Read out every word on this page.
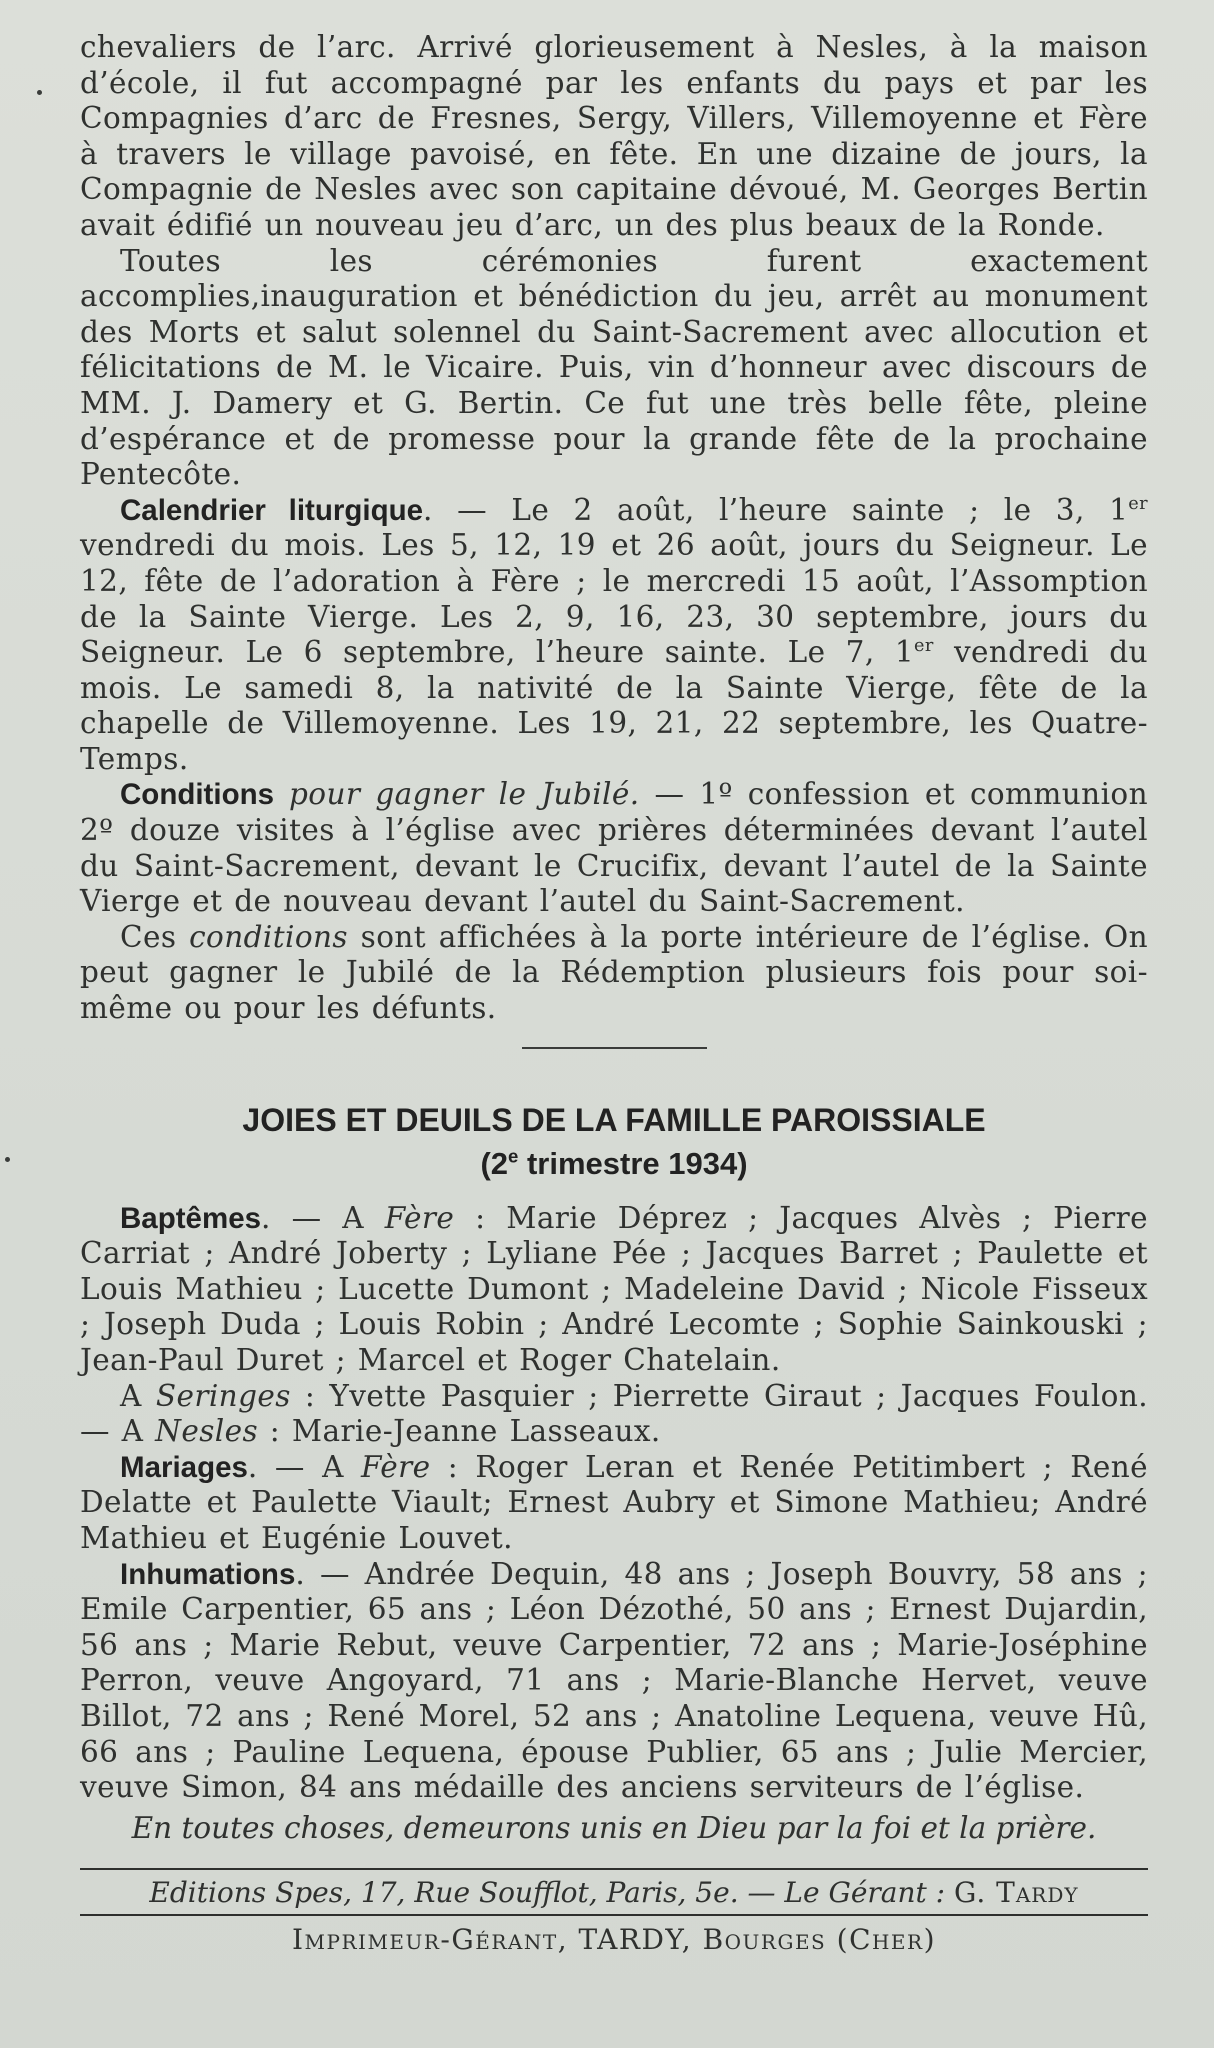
chevaliers de l’arc. Arrivé glorieusement à Nesles, à la maison d’école, il fut accompagné par les enfants du pays et par les Compagnies d’arc de Fresnes, Sergy, Villers, Villemoyenne et Fère à travers le village pavoisé, en fête. En une dizaine de jours, la Compagnie de Nesles avec son capitaine dévoué, M. Georges Bertin avait édifié un nouveau jeu d’arc, un des plus beaux de la Ronde.

Toutes les cérémonies furent exactement accomplies,inauguration et bénédiction du jeu, arrêt au monument des Morts et salut solennel du Saint-Sacrement avec allocution et félicitations de M. le Vicaire. Puis, vin d’honneur avec discours de MM. J. Damery et G. Bertin. Ce fut une très belle fête, pleine d’espérance et de promesse pour la grande fête de la prochaine Pentecôte.

Calendrier liturgique. — Le 2 août, l’heure sainte ; le 3, 1er vendredi du mois. Les 5, 12, 19 et 26 août, jours du Seigneur. Le 12, fête de l’adoration à Fère ; le mercredi 15 août, l’Assomption de la Sainte Vierge. Les 2, 9, 16, 23, 30 septembre, jours du Seigneur. Le 6 septembre, l’heure sainte. Le 7, 1er vendredi du mois. Le samedi 8, la nativité de la Sainte Vierge, fête de la chapelle de Villemoyenne. Les 19, 21, 22 septembre, les Quatre-Temps.

Conditions pour gagner le Jubilé. — 1º confession et communion 2º douze visites à l’église avec prières déterminées devant l’autel du Saint-Sacrement, devant le Crucifix, devant l’autel de la Sainte Vierge et de nouveau devant l’autel du Saint-Sacrement.

Ces conditions sont affichées à la porte intérieure de l’église. On peut gagner le Jubilé de la Rédemption plusieurs fois pour soi-même ou pour les défunts.

JOIES ET DEUILS DE LA FAMILLE PAROISSIALE
(2e trimestre 1934)

Baptêmes. — A Fère : Marie Déprez ; Jacques Alvès ; Pierre Carriat ; André Joberty ; Lyliane Pée ; Jacques Barret ; Paulette et Louis Mathieu ; Lucette Dumont ; Madeleine David ; Nicole Fisseux ; Joseph Duda ; Louis Robin ; André Lecomte ; Sophie Sainkouski ; Jean-Paul Duret ; Marcel et Roger Chatelain.

A Seringes : Yvette Pasquier ; Pierrette Giraut ; Jacques Foulon. — A Nesles : Marie-Jeanne Lasseaux.

Mariages. — A Fère : Roger Leran et Renée Petitimbert ; René Delatte et Paulette Viault; Ernest Aubry et Simone Mathieu; André Mathieu et Eugénie Louvet.

Inhumations. — Andrée Dequin, 48 ans ; Joseph Bouvry, 58 ans ; Emile Carpentier, 65 ans ; Léon Dézothé, 50 ans ; Ernest Dujardin, 56 ans ; Marie Rebut, veuve Carpentier, 72 ans ; Marie-Joséphine Perron, veuve Angoyard, 71 ans ; Marie-Blanche Hervet, veuve Billot, 72 ans ; René Morel, 52 ans ; Anatoline Lequena, veuve Hû, 66 ans ; Pauline Lequena, épouse Publier, 65 ans ; Julie Mercier, veuve Simon, 84 ans médaille des anciens serviteurs de l’église.

En toutes choses, demeurons unis en Dieu par la foi et la prière.

Editions Spes, 17, Rue Soufflot, Paris, 5e. — Le Gérant : G. Tardy
Imprimeur-Gérant, TARDY, Bourges (Cher)
